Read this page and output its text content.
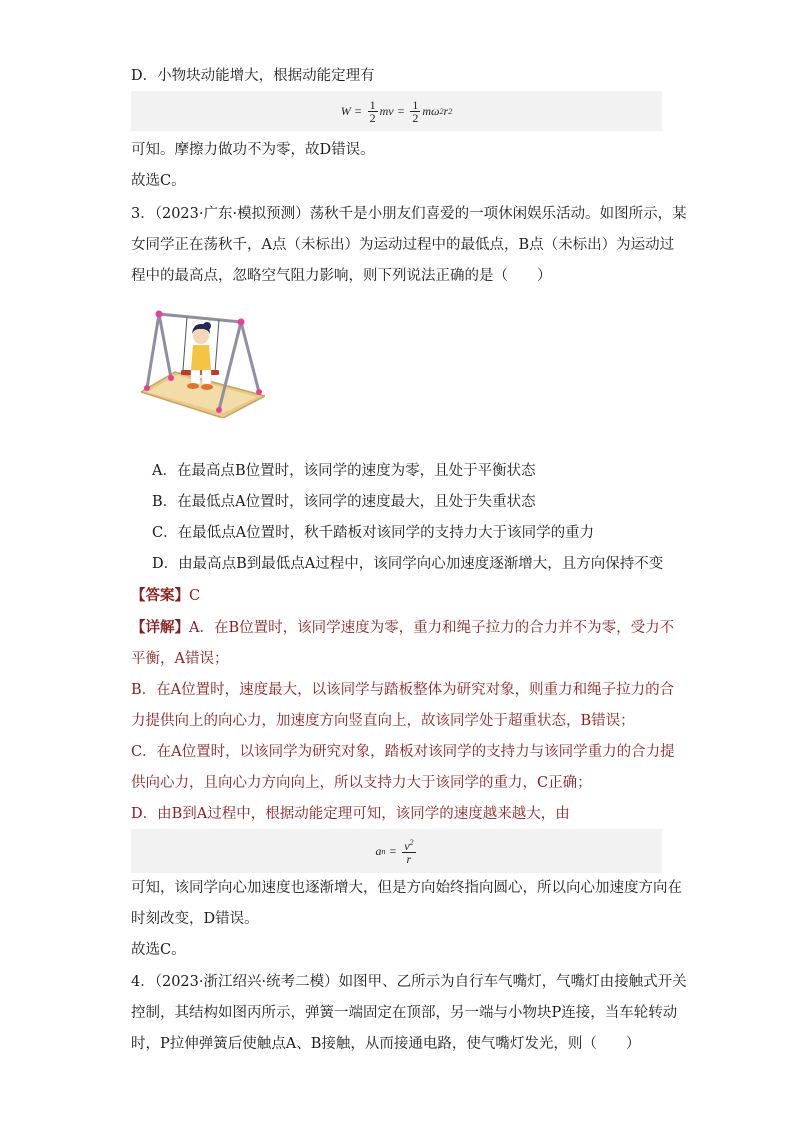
D．小物块动能增大，根据动能定理有
$W = \frac{1}{2}$ mv = $\frac{1}{2}$ m ω 2 r 2
可知。摩擦力做功不为零，故D错误。
故选C。
3．（2023·广东·模拟预测）荡秋千是小朋友们喜爱的一项休闲娱乐活动。如图所示，某
女同学正在荡秋千，A点（未标出）为运动过程中的最低点，B点（未标出）为运动过
程中的最高点，忽略空气阻力影响，则下列说法正确的是（　　）
A．在最高点B位置时，该同学的速度为零，且处于平衡状态
B．在最低点A位置时，该同学的速度最大，且处于失重状态
C．在最低点A位置时，秋千踏板对该同学的支持力大于该同学的重力
D．由最高点B到最低点A过程中，该同学向心加速度逐渐增大，且方向保持不变
【答案】C
【详解】A．在B位置时，该同学速度为零，重力和绳子拉力的合力并不为零，受力不
平衡，A错误；
B．在A位置时，速度最大，以该同学与踏板整体为研究对象，则重力和绳子拉力的合
力提供向上的向心力，加速度方向竖直向上，故该同学处于超重状态，B错误；
C．在A位置时，以该同学为研究对象，踏板对该同学的支持力与该同学重力的合力提
供向心力，且向心力方向向上，所以支持力大于该同学的重力，C正确；
D．由B到A过程中，根据动能定理可知，该同学的速度越来越大，由
a $n = \frac{v^2}{r}$
可知，该同学向心加速度也逐渐增大，但是方向始终指向圆心，所以向心加速度方向在
时刻改变，D错误。
故选C。
4．（2023·浙江绍兴·统考二模）如图甲、乙所示为自行车气嘴灯，气嘴灯由接触式开关
控制，其结构如图丙所示，弹簧一端固定在顶部，另一端与小物块P连接，当车轮转动
时，P拉伸弹簧后使触点A、B接触，从而接通电路，使气嘴灯发光，则（　　）
